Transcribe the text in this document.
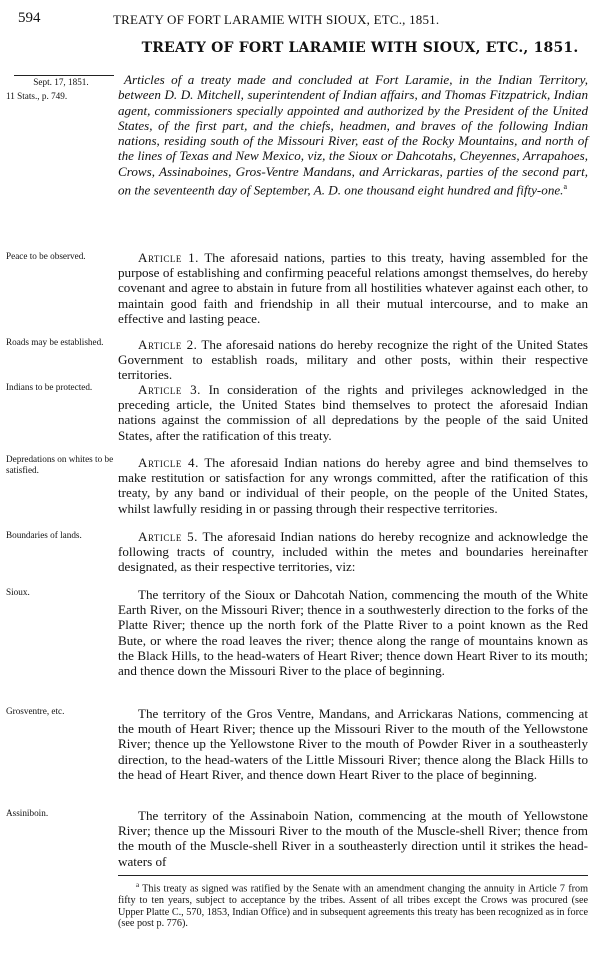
594	TREATY OF FORT LARAMIE WITH SIOUX, ETC., 1851.
TREATY OF FORT LARAMIE WITH SIOUX, ETC., 1851.
Sept. 17, 1851.
11 Stats., p. 749.
Peace to be observed.
Roads may be established.
Indians to be protected.
Depredations on whites to be satisfied.
Boundaries of lands.
Sioux.
Grosventre, etc.
Assiniboin.

Articles of a treaty made and concluded at Fort Laramie, in the Indian Territory, between D. D. Mitchell, superintendent of Indian affairs, and Thomas Fitzpatrick, Indian agent, commissioners specially appointed and authorized by the President of the United States, of the first part, and the chiefs, headmen, and braves of the following Indian nations, residing south of the Missouri River, east of the Rocky Mountains, and north of the lines of Texas and New Mexico, viz, the Sioux or Dahcotahs, Cheyennes, Arrapahoes, Crows, Assinaboines, Gros-Ventre Mandans, and Arrickaras, parties of the second part, on the seventeenth day of September, A. D. one thousand eight hundred and fifty-one.$^a$

Article 1. The aforesaid nations, parties to this treaty, having assembled for the purpose of establishing and confirming peaceful relations amongst themselves, do hereby covenant and agree to abstain in future from all hostilities whatever against each other, to maintain good faith and friendship in all their mutual intercourse, and to make an effective and lasting peace.

Article 2. The aforesaid nations do hereby recognize the right of the United States Government to establish roads, military and other posts, within their respective territories.

Article 3. In consideration of the rights and privileges acknowledged in the preceding article, the United States bind themselves to protect the aforesaid Indian nations against the commission of all depredations by the people of the said United States, after the ratification of this treaty.

Article 4. The aforesaid Indian nations do hereby agree and bind themselves to make restitution or satisfaction for any wrongs committed, after the ratification of this treaty, by any band or individual of their people, on the people of the United States, whilst lawfully residing in or passing through their respective territories.

Article 5. The aforesaid Indian nations do hereby recognize and acknowledge the following tracts of country, included within the metes and boundaries hereinafter designated, as their respective territories, viz:

The territory of the Sioux or Dahcotah Nation, commencing the mouth of the White Earth River, on the Missouri River; thence in a southwesterly direction to the forks of the Platte River; thence up the north fork of the Platte River to a point known as the Red Bute, or where the road leaves the river; thence along the range of mountains known as the Black Hills, to the head-waters of Heart River; thence down Heart River to its mouth; and thence down the Missouri River to the place of beginning.

The territory of the Gros Ventre, Mandans, and Arrickaras Nations, commencing at the mouth of Heart River; thence up the Missouri River to the mouth of the Yellowstone River; thence up the Yellowstone River to the mouth of Powder River in a southeasterly direction, to the head-waters of the Little Missouri River; thence along the Black Hills to the head of Heart River, and thence down Heart River to the place of beginning.

The territory of the Assinaboin Nation, commencing at the mouth of Yellowstone River; thence up the Missouri River to the mouth of the Muscle-shell River; thence from the mouth of the Muscle-shell River in a southeasterly direction until it strikes the head-waters of

$^a$ This treaty as signed was ratified by the Senate with an amendment changing the annuity in Article 7 from fifty to ten years, subject to acceptance by the tribes. Assent of all tribes except the Crows was procured (see Upper Platte C., 570, 1853, Indian Office) and in subsequent agreements this treaty has been recognized as in force (see post p. 776).
